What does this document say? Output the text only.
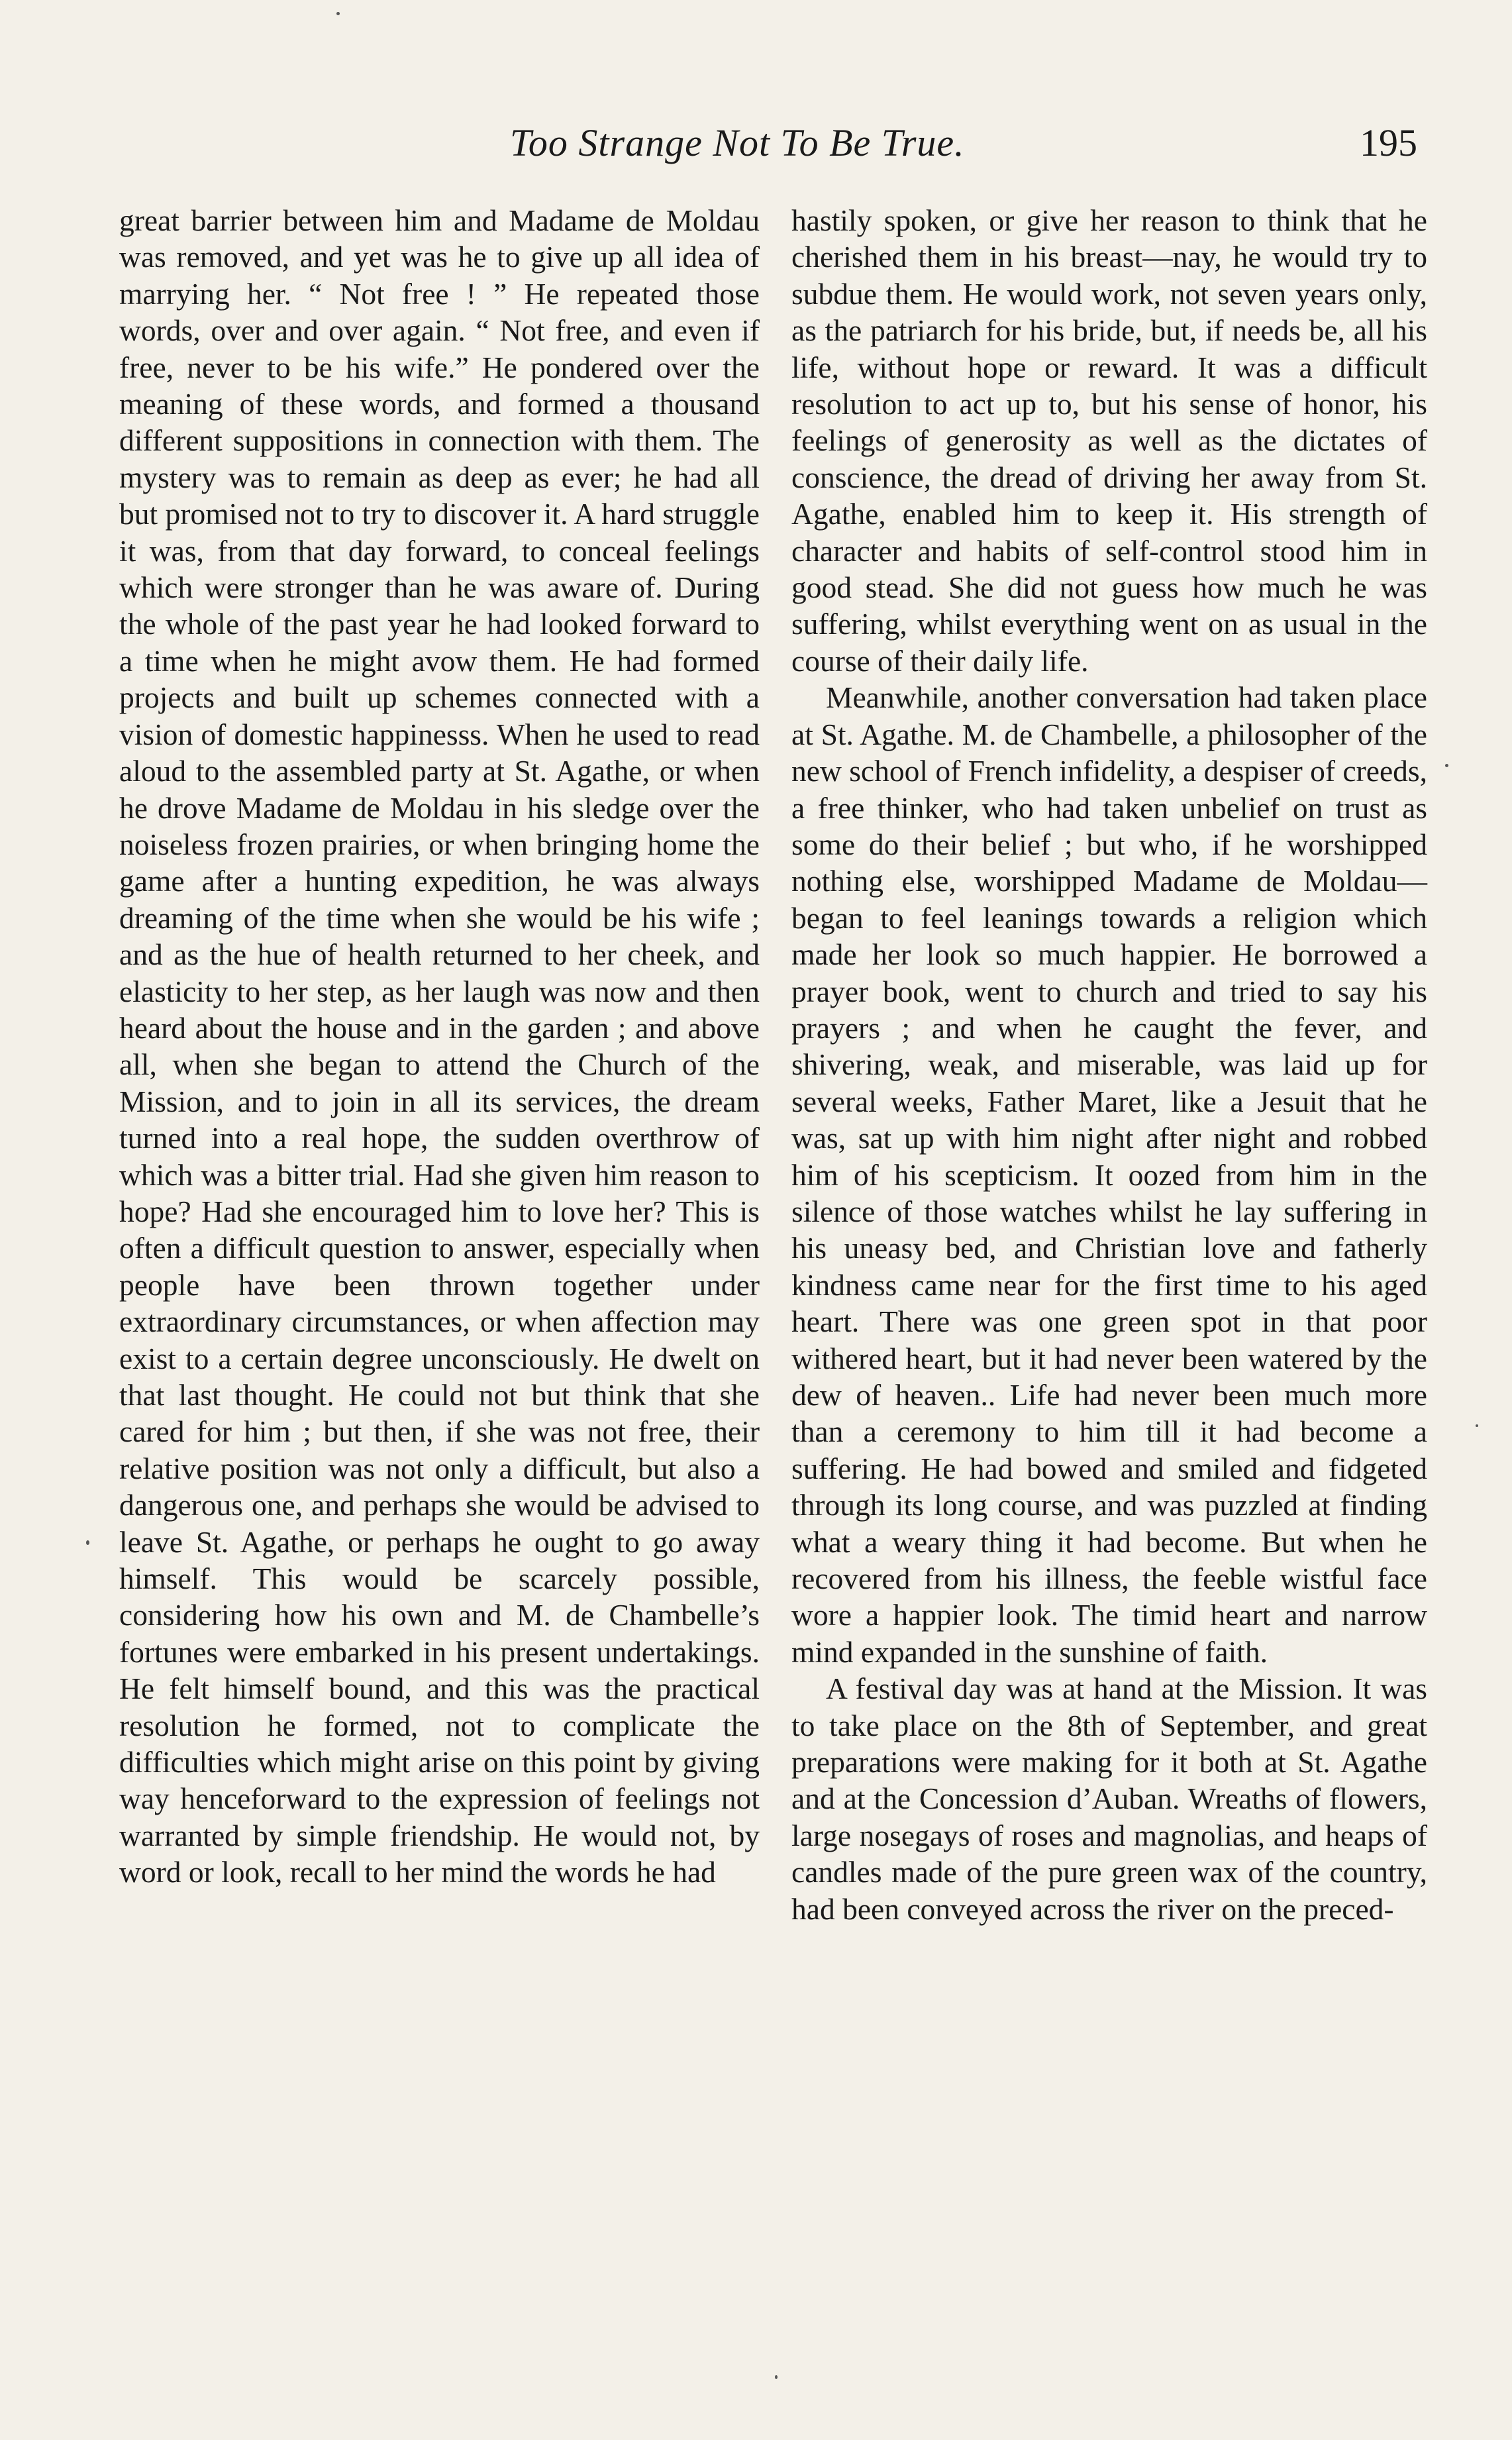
Too Strange Not To Be True.	195

great barrier between him and Madame de Moldau was removed, and yet was he to give up all idea of marrying her. “ Not free ! ” He repeated those words, over and over again. “ Not free, and even if free, never to be his wife.” He pondered over the meaning of these words, and formed a thousand different suppositions in connection with them. The mystery was to remain as deep as ever; he had all but promised not to try to discover it. A hard struggle it was, from that day forward, to conceal feelings which were stronger than he was aware of. During the whole of the past year he had looked forward to a time when he might avow them. He had formed projects and built up schemes connected with a vision of domestic happinesss. When he used to read aloud to the assembled party at St. Agathe, or when he drove Madame de Moldau in his sledge over the noiseless frozen prairies, or when bringing home the game after a hunting expedition, he was always dreaming of the time when she would be his wife ; and as the hue of health returned to her cheek, and elasticity to her step, as her laugh was now and then heard about the house and in the garden ; and above all, when she began to attend the Church of the Mission, and to join in all its services, the dream turned into a real hope, the sudden overthrow of which was a bitter trial. Had she given him reason to hope? Had she encouraged him to love her? This is often a difficult question to answer, especially when people have been thrown together under extraordinary circumstances, or when affection may exist to a certain degree unconsciously. He dwelt on that last thought. He could not but think that she cared for him ; but then, if she was not free, their relative position was not only a difficult, but also a dangerous one, and perhaps she would be advised to leave St. Agathe, or perhaps he ought to go away himself. This would be scarcely possible, considering how his own and M. de Chambelle’s fortunes were embarked in his present undertakings. He felt himself bound, and this was the practical resolution he formed, not to complicate the difficulties which might arise on this point by giving way henceforward to the expression of feelings not warranted by simple friendship. He would not, by word or look, recall to her mind the words he had

hastily spoken, or give her reason to think that he cherished them in his breast—nay, he would try to subdue them. He would work, not seven years only, as the patriarch for his bride, but, if needs be, all his life, without hope or reward. It was a difficult resolution to act up to, but his sense of honor, his feelings of generosity as well as the dictates of conscience, the dread of driving her away from St. Agathe, enabled him to keep it. His strength of character and habits of self-control stood him in good stead. She did not guess how much he was suffering, whilst everything went on as usual in the course of their daily life.

Meanwhile, another conversation had taken place at St. Agathe. M. de Chambelle, a philosopher of the new school of French infidelity, a despiser of creeds, a free thinker, who had taken unbelief on trust as some do their belief ; but who, if he worshipped nothing else, worshipped Madame de Moldau—began to feel leanings towards a religion which made her look so much happier. He borrowed a prayer book, went to church and tried to say his prayers ; and when he caught the fever, and shivering, weak, and miserable, was laid up for several weeks, Father Maret, like a Jesuit that he was, sat up with him night after night and robbed him of his scepticism. It oozed from him in the silence of those watches whilst he lay suffering in his uneasy bed, and Christian love and fatherly kindness came near for the first time to his aged heart. There was one green spot in that poor withered heart, but it had never been watered by the dew of heaven.. Life had never been much more than a ceremony to him till it had become a suffering. He had bowed and smiled and fidgeted through its long course, and was puzzled at finding what a weary thing it had become. But when he recovered from his illness, the feeble wistful face wore a happier look. The timid heart and narrow mind expanded in the sunshine of faith.

A festival day was at hand at the Mission. It was to take place on the 8th of September, and great preparations were making for it both at St. Agathe and at the Concession d’Auban. Wreaths of flowers, large nosegays of roses and magnolias, and heaps of candles made of the pure green wax of the country, had been conveyed across the river on the preced-
